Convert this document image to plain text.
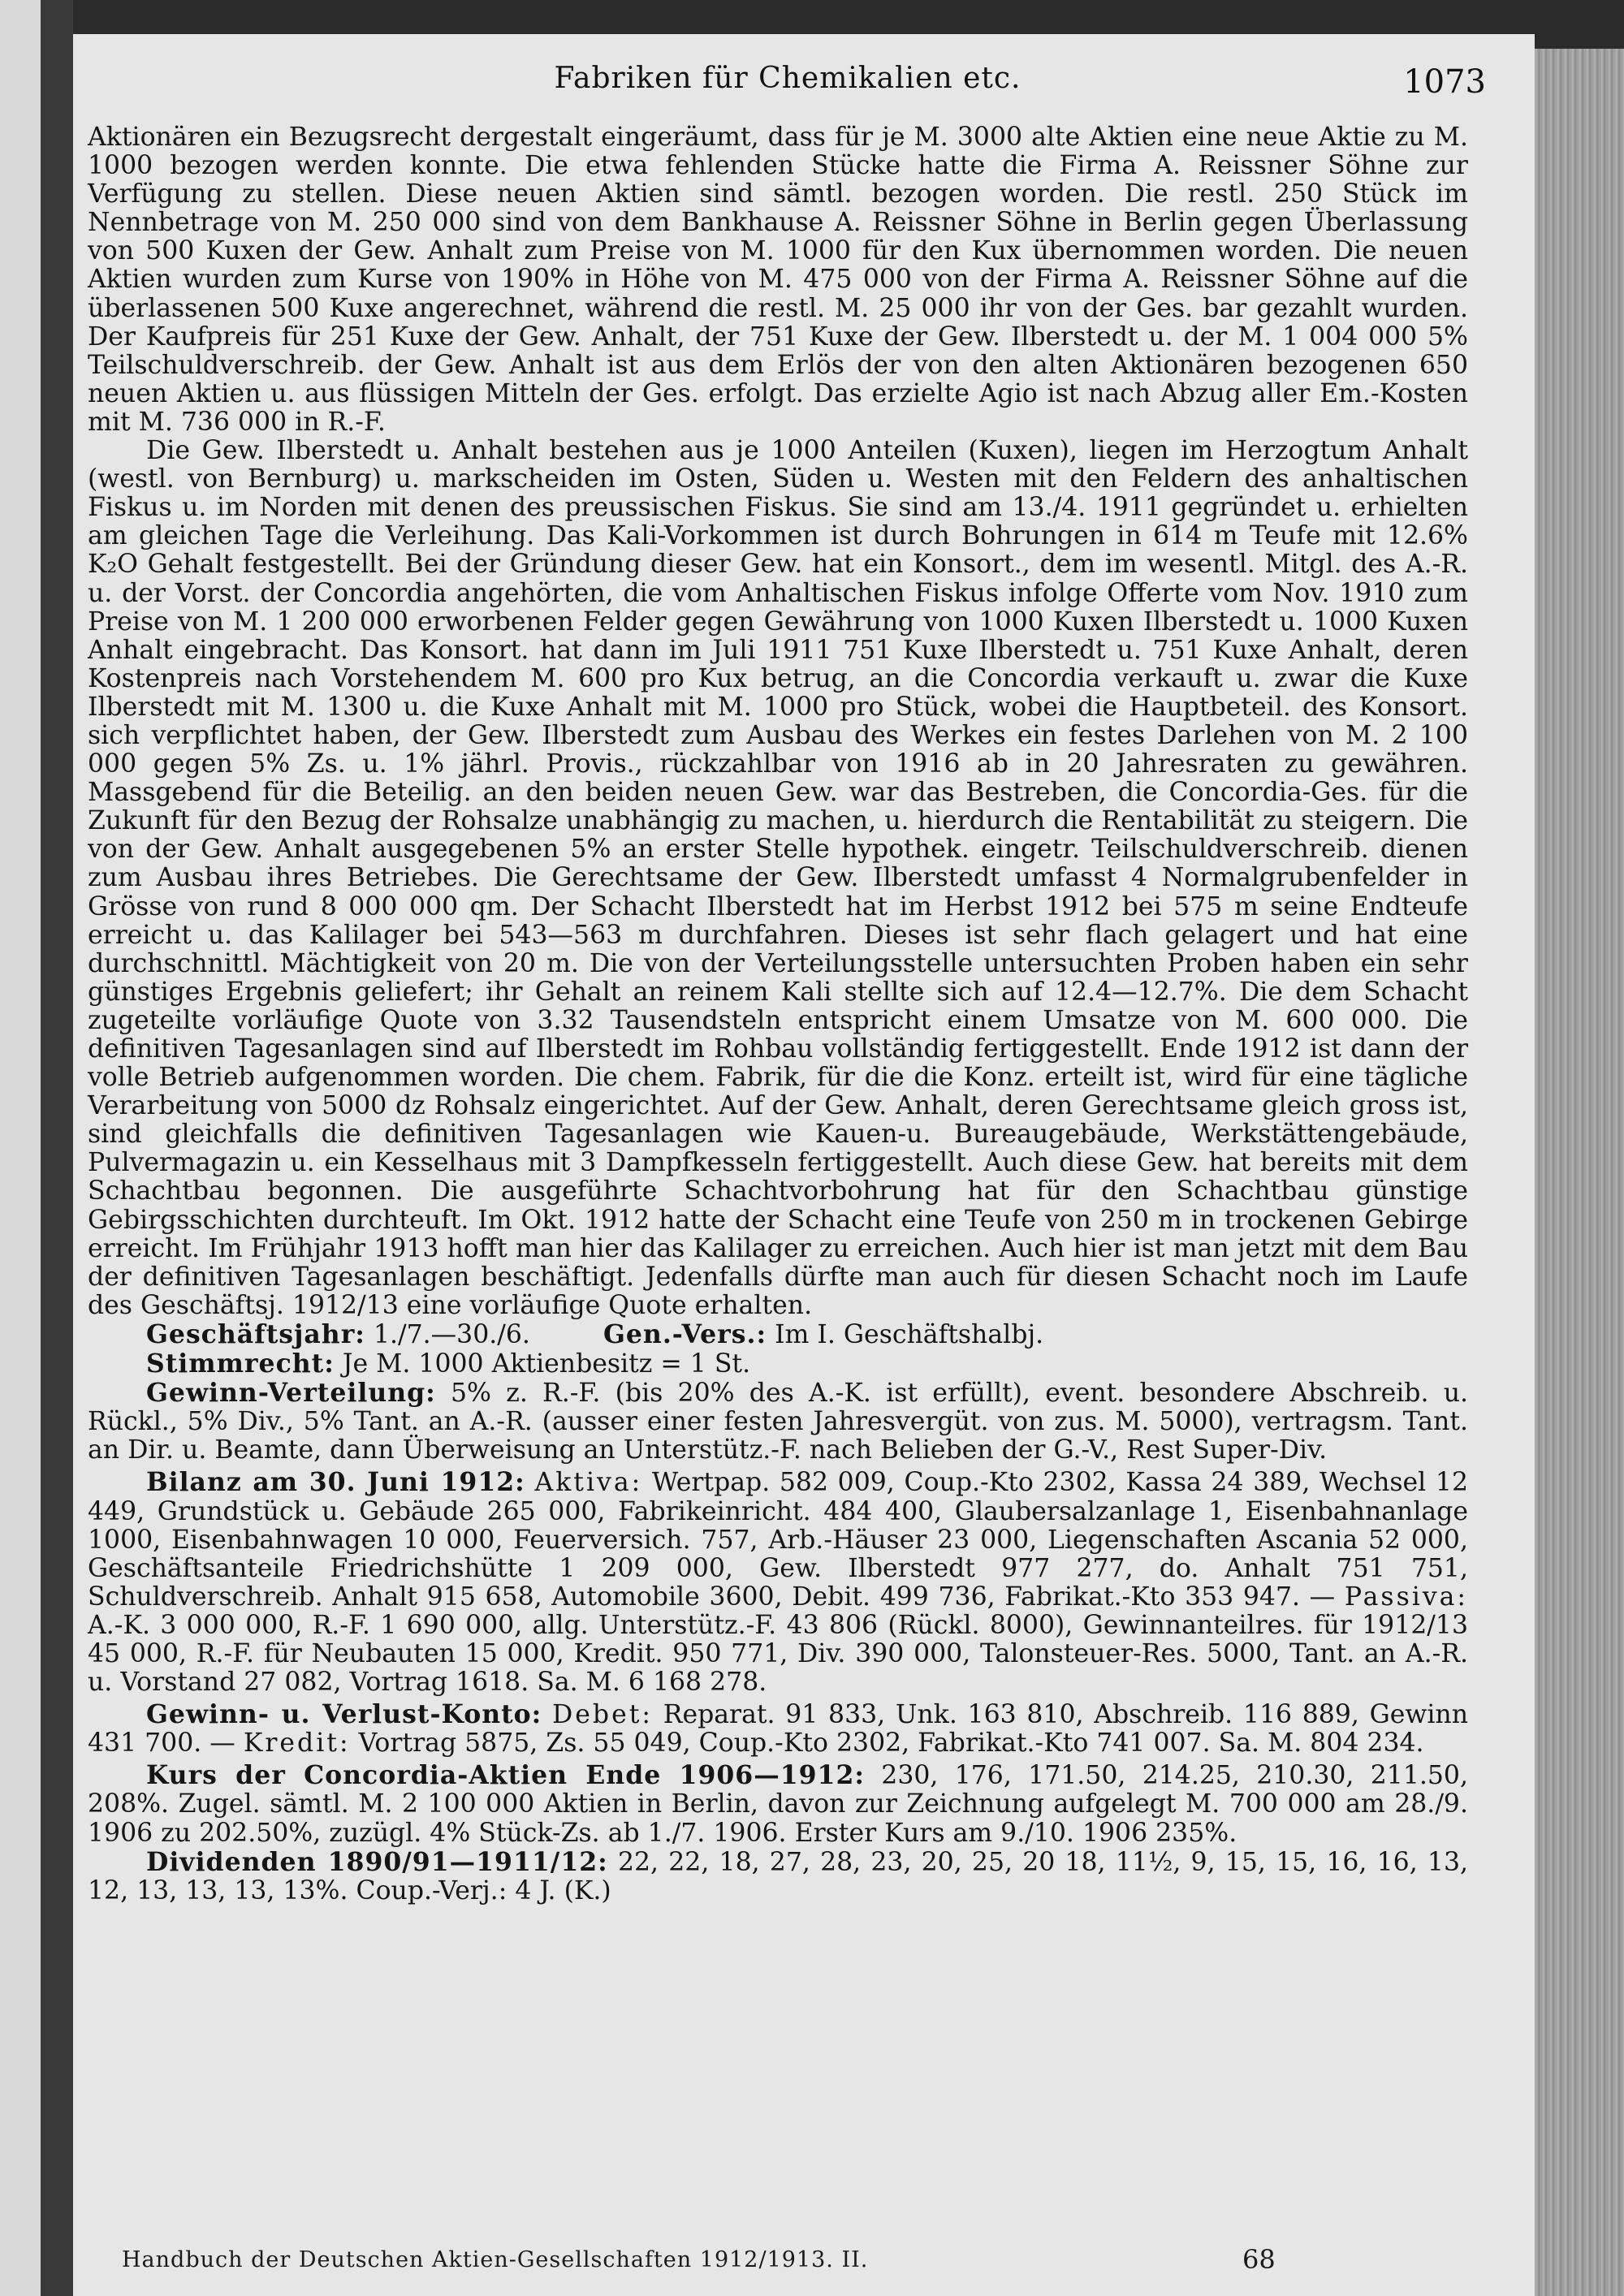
Fabriken für Chemikalien etc.	1073

Aktionären ein Bezugsrecht dergestalt eingeräumt, dass für je M. 3000 alte Aktien eine neue Aktie zu M. 1000 bezogen werden konnte. Die etwa fehlenden Stücke hatte die Firma A. Reissner Söhne zur Verfügung zu stellen. Diese neuen Aktien sind sämtl. bezogen worden. Die restl. 250 Stück im Nennbetrage von M. 250 000 sind von dem Bankhause A. Reissner Söhne in Berlin gegen Überlassung von 500 Kuxen der Gew. Anhalt zum Preise von M. 1000 für den Kux übernommen worden. Die neuen Aktien wurden zum Kurse von 190% in Höhe von M. 475 000 von der Firma A. Reissner Söhne auf die überlassenen 500 Kuxe angerechnet, während die restl. M. 25 000 ihr von der Ges. bar gezahlt wurden. Der Kaufpreis für 251 Kuxe der Gew. Anhalt, der 751 Kuxe der Gew. Ilberstedt u. der M. 1 004 000 5% Teilschuldverschreib. der Gew. Anhalt ist aus dem Erlös der von den alten Aktionären bezogenen 650 neuen Aktien u. aus flüssigen Mitteln der Ges. erfolgt. Das erzielte Agio ist nach Abzug aller Em.-Kosten mit M. 736 000 in R.-F.

Die Gew. Ilberstedt u. Anhalt bestehen aus je 1000 Anteilen (Kuxen), liegen im Herzogtum Anhalt (westl. von Bernburg) u. markscheiden im Osten, Süden u. Westen mit den Feldern des anhaltischen Fiskus u. im Norden mit denen des preussischen Fiskus. Sie sind am 13./4. 1911 gegründet u. erhielten am gleichen Tage die Verleihung. Das Kali-Vorkommen ist durch Bohrungen in 614 m Teufe mit 12.6% K₂O Gehalt festgestellt. Bei der Gründung dieser Gew. hat ein Konsort., dem im wesentl. Mitgl. des A.-R. u. der Vorst. der Concordia angehörten, die vom Anhaltischen Fiskus infolge Offerte vom Nov. 1910 zum Preise von M. 1 200 000 erworbenen Felder gegen Gewährung von 1000 Kuxen Ilberstedt u. 1000 Kuxen Anhalt eingebracht. Das Konsort. hat dann im Juli 1911 751 Kuxe Ilberstedt u. 751 Kuxe Anhalt, deren Kostenpreis nach Vorstehendem M. 600 pro Kux betrug, an die Concordia verkauft u. zwar die Kuxe Ilberstedt mit M. 1300 u. die Kuxe Anhalt mit M. 1000 pro Stück, wobei die Hauptbeteil. des Konsort. sich verpflichtet haben, der Gew. Ilberstedt zum Ausbau des Werkes ein festes Darlehen von M. 2 100 000 gegen 5% Zs. u. 1% jährl. Provis., rückzahlbar von 1916 ab in 20 Jahresraten zu gewähren. Massgebend für die Beteilig. an den beiden neuen Gew. war das Bestreben, die Concordia-Ges. für die Zukunft für den Bezug der Rohsalze unabhängig zu machen, u. hierdurch die Rentabilität zu steigern. Die von der Gew. Anhalt ausgegebenen 5% an erster Stelle hypothek. eingetr. Teilschuldverschreib. dienen zum Ausbau ihres Betriebes. Die Gerechtsame der Gew. Ilberstedt umfasst 4 Normalgrubenfelder in Grösse von rund 8 000 000 qm. Der Schacht Ilberstedt hat im Herbst 1912 bei 575 m seine Endteufe erreicht u. das Kalilager bei 543—563 m durchfahren. Dieses ist sehr flach gelagert und hat eine durchschnittl. Mächtigkeit von 20 m. Die von der Verteilungsstelle untersuchten Proben haben ein sehr günstiges Ergebnis geliefert; ihr Gehalt an reinem Kali stellte sich auf 12.4—12.7%. Die dem Schacht zugeteilte vorläufige Quote von 3.32 Tausendsteln entspricht einem Umsatze von M. 600 000. Die definitiven Tagesanlagen sind auf Ilberstedt im Rohbau vollständig fertiggestellt. Ende 1912 ist dann der volle Betrieb aufgenommen worden. Die chem. Fabrik, für die die Konz. erteilt ist, wird für eine tägliche Verarbeitung von 5000 dz Rohsalz eingerichtet. Auf der Gew. Anhalt, deren Gerechtsame gleich gross ist, sind gleichfalls die definitiven Tagesanlagen wie Kauen-u. Bureaugebäude, Werkstättengebäude, Pulvermagazin u. ein Kesselhaus mit 3 Dampfkesseln fertiggestellt. Auch diese Gew. hat bereits mit dem Schachtbau begonnen. Die ausgeführte Schachtvorbohrung hat für den Schachtbau günstige Gebirgsschichten durchteuft. Im Okt. 1912 hatte der Schacht eine Teufe von 250 m in trockenen Gebirge erreicht. Im Frühjahr 1913 hofft man hier das Kalilager zu erreichen. Auch hier ist man jetzt mit dem Bau der definitiven Tagesanlagen beschäftigt. Jedenfalls dürfte man auch für diesen Schacht noch im Laufe des Geschäftsj. 1912/13 eine vorläufige Quote erhalten.

Geschäftsjahr: 1./7.—30./6.	Gen.-Vers.: Im I. Geschäftshalbj.

Stimmrecht: Je M. 1000 Aktienbesitz = 1 St.

Gewinn-Verteilung: 5% z. R.-F. (bis 20% des A.-K. ist erfüllt), event. besondere Abschreib. u. Rückl., 5% Div., 5% Tant. an A.-R. (ausser einer festen Jahresvergüt. von zus. M. 5000), vertragsm. Tant. an Dir. u. Beamte, dann Überweisung an Unterstütz.-F. nach Belieben der G.-V., Rest Super-Div.

Bilanz am 30. Juni 1912: Aktiva: Wertpap. 582 009, Coup.-Kto 2302, Kassa 24 389, Wechsel 12 449, Grundstück u. Gebäude 265 000, Fabrikeinricht. 484 400, Glaubersalzanlage 1, Eisenbahnanlage 1000, Eisenbahnwagen 10 000, Feuerversich. 757, Arb.-Häuser 23 000, Liegenschaften Ascania 52 000, Geschäftsanteile Friedrichshütte 1 209 000, Gew. Ilberstedt 977 277, do. Anhalt 751 751, Schuldverschreib. Anhalt 915 658, Automobile 3600, Debit. 499 736, Fabrikat.-Kto 353 947. — Passiva: A.-K. 3 000 000, R.-F. 1 690 000, allg. Unterstütz.-F. 43 806 (Rückl. 8000), Gewinnanteilres. für 1912/13 45 000, R.-F. für Neubauten 15 000, Kredit. 950 771, Div. 390 000, Talonsteuer-Res. 5000, Tant. an A.-R. u. Vorstand 27 082, Vortrag 1618. Sa. M. 6 168 278.

Gewinn- u. Verlust-Konto: Debet: Reparat. 91 833, Unk. 163 810, Abschreib. 116 889, Gewinn 431 700. — Kredit: Vortrag 5875, Zs. 55 049, Coup.-Kto 2302, Fabrikat.-Kto 741 007. Sa. M. 804 234.

Kurs der Concordia-Aktien Ende 1906—1912: 230, 176, 171.50, 214.25, 210.30, 211.50, 208%. Zugel. sämtl. M. 2 100 000 Aktien in Berlin, davon zur Zeichnung aufgelegt M. 700 000 am 28./9. 1906 zu 202.50%, zuzügl. 4% Stück-Zs. ab 1./7. 1906. Erster Kurs am 9./10. 1906 235%.

Dividenden 1890/91—1911/12: 22, 22, 18, 27, 28, 23, 20, 25, 20 18, 11½, 9, 15, 15, 16, 16, 13, 12, 13, 13, 13, 13%. Coup.-Verj.: 4 J. (K.)

Handbuch der Deutschen Aktien-Gesellschaften 1912/1913. II.	68
